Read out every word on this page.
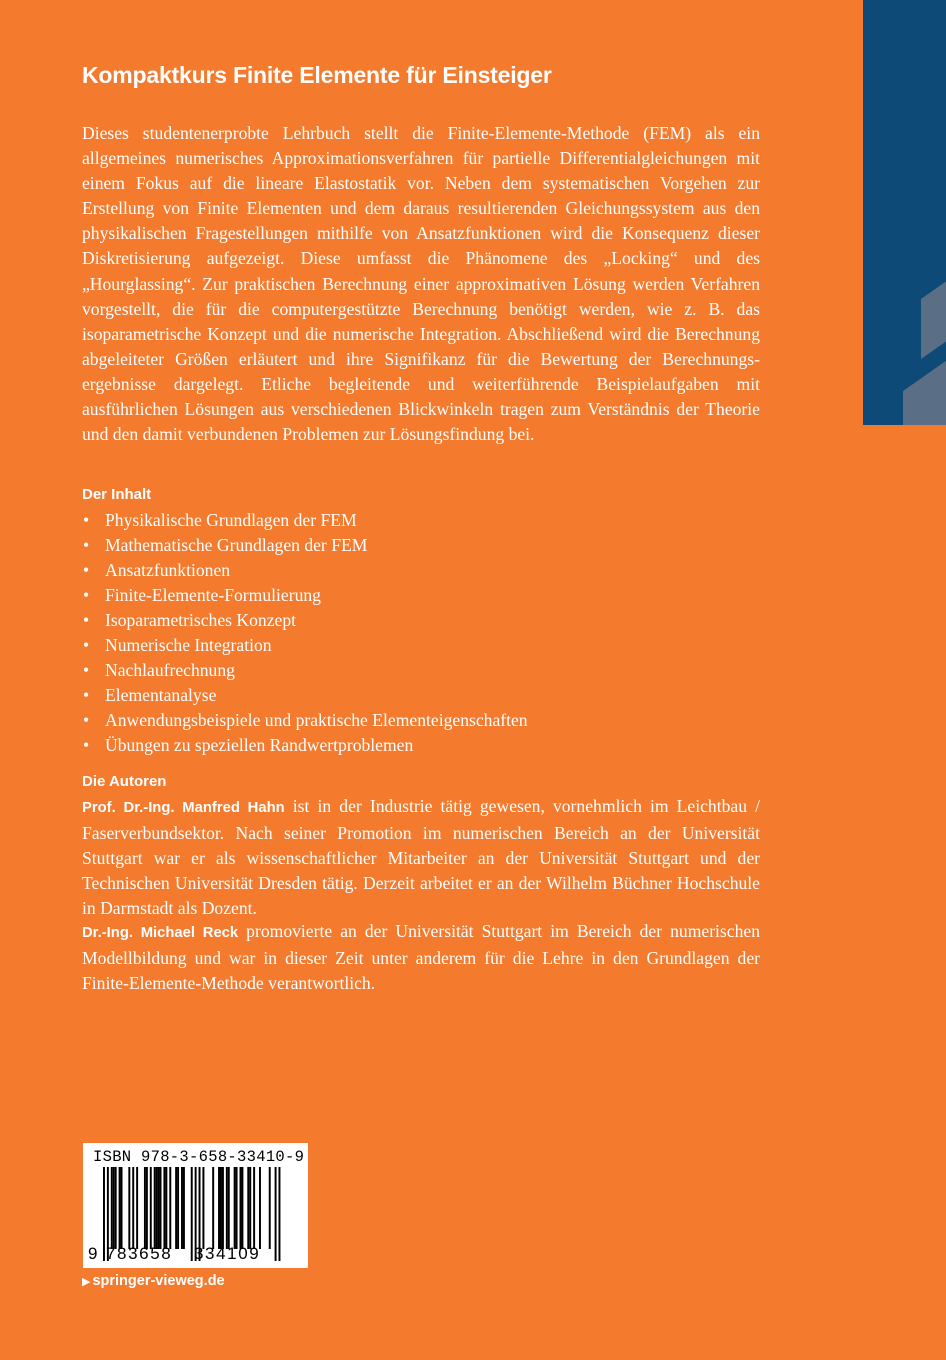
Kompaktkurs Finite Elemente für Einsteiger

Dieses studentenerprobte Lehrbuch stellt die Finite-Elemente-Methode (FEM) als ein allgemeines numerisches Approximationsverfahren für partielle Differentialgleichungen mit einem Fokus auf die lineare Elastostatik vor. Neben dem systematischen Vorgehen zur Erstellung von Finite Elementen und dem daraus resultierenden Gleichungssystem aus den physikalischen Fragestellungen mithilfe von Ansatzfunktionen wird die Konsequenz dieser Diskretisierung aufgezeigt. Diese umfasst die Phänomene des „Locking“ und des „Hourglassing“. Zur praktischen Berechnung einer approximativen Lösung werden Verfahren vorgestellt, die für die computergestützte Berechnung benötigt werden, wie z. B. das isoparametrische Konzept und die numerische Integration. Abschließend wird die Berechnung abgeleiteter Größen erläutert und ihre Signifikanz für die Bewertung der Berechnungsergebnisse dargelegt. Etliche begleitende und weiterführende Beispielaufgaben mit ausführlichen Lösungen aus verschiedenen Blickwinkeln tragen zum Verständnis der Theorie und den damit verbundenen Problemen zur Lösungsfindung bei.

Der Inhalt
• Physikalische Grundlagen der FEM
• Mathematische Grundlagen der FEM
• Ansatzfunktionen
• Finite-Elemente-Formulierung
• Isoparametrisches Konzept
• Numerische Integration
• Nachlaufrechnung
• Elementanalyse
• Anwendungsbeispiele und praktische Elementeigenschaften
• Übungen zu speziellen Randwertproblemen
Die Autoren

Prof. Dr.-Ing. Manfred Hahn ist in der Industrie tätig gewesen, vornehmlich im Leichtbau / Faserverbundsektor. Nach seiner Promotion im numerischen Bereich an der Universität Stuttgart war er als wissenschaftlicher Mitarbeiter an der Universität Stuttgart und der Technischen Universität Dresden tätig. Derzeit arbeitet er an der Wilhelm Büchner Hochschule in Darmstadt als Dozent.

Dr.-Ing. Michael Reck promovierte an der Universität Stuttgart im Bereich der numerischen Modellbildung und war in dieser Zeit unter anderem für die Lehre in den Grundlagen der Finite-Elemente-Methode verantwortlich.

ISBN 978-3-658-33410-9
9 783658 334109
▶ springer-vieweg.de
